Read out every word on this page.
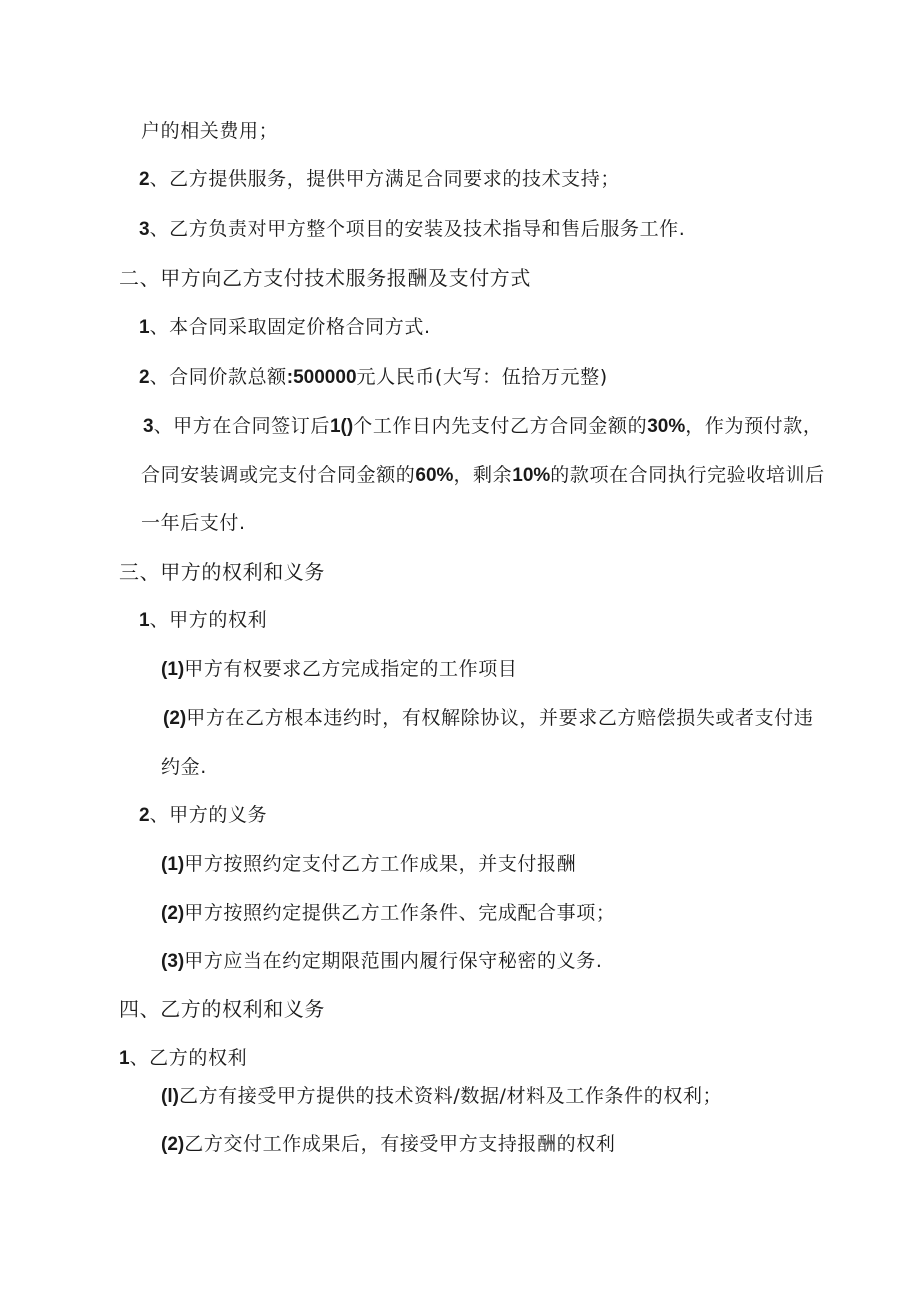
户的相关费用；
2、乙方提供服务，提供甲方满足合同要求的技术支持；
3、乙方负责对甲方整个项目的安装及技术指导和售后服务工作.
二、甲方向乙方支付技术服务报酬及支付方式
1、本合同采取固定价格合同方式.
2、合同价款总额:500000元人民币(大写：伍拾万元整)
3、甲方在合同签订后1()个工作日内先支付乙方合同金额的30%，作为预付款，
合同安装调或完支付合同金额的60%，剩余10%的款项在合同执行完验收培训后
一年后支付.
三、甲方的权利和义务
1、甲方的权利
(1)甲方有权要求乙方完成指定的工作项目
(2)甲方在乙方根本违约时，有权解除协议，并要求乙方赔偿损失或者支付违
约金.
2、甲方的义务
(1)甲方按照约定支付乙方工作成果，并支付报酬
(2)甲方按照约定提供乙方工作条件、完成配合事项；
(3)甲方应当在约定期限范围内履行保守秘密的义务.
四、乙方的权利和义务
1、乙方的权利
(l)乙方有接受甲方提供的技术资料/数据/材料及工作条件的权利；
(2)乙方交付工作成果后，有接受甲方支持报酬的权利
